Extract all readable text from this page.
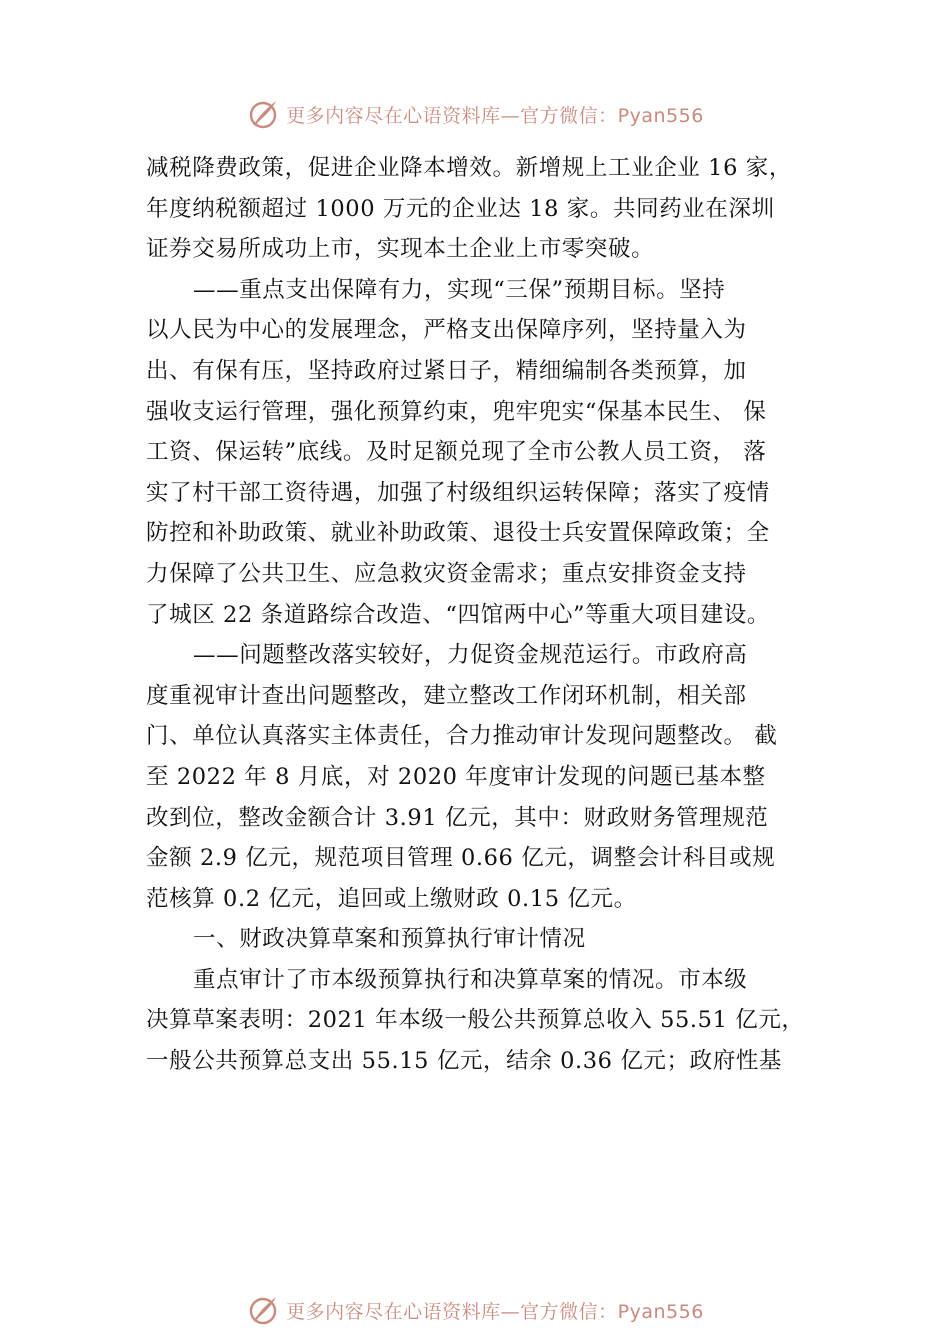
更多内容尽在心语资料库—官方微信：Pyan556
减税降费政策，促进企业降本增效。新增规上工业企业 16 家，
年度纳税额超过 1000 万元的企业达 18 家。共同药业在深圳
证券交易所成功上市，实现本土企业上市零突破。
——重点支出保障有力，实现“三保”预期目标。坚持
以人民为中心的发展理念，严格支出保障序列，坚持量入为
出、有保有压，坚持政府过紧日子，精细编制各类预算，加
强收支运行管理，强化预算约束，兜牢兜实“保基本民生、 保
工资、保运转”底线。及时足额兑现了全市公教人员工资， 落
实了村干部工资待遇，加强了村级组织运转保障；落实了疫情
防控和补助政策、就业补助政策、退役士兵安置保障政策；全
力保障了公共卫生、应急救灾资金需求；重点安排资金支持
了城区 22 条道路综合改造、“四馆两中心”等重大项目建设。
——问题整改落实较好，力促资金规范运行。市政府高
度重视审计查出问题整改，建立整改工作闭环机制，相关部
门、单位认真落实主体责任，合力推动审计发现问题整改。 截
至 2022 年 8 月底，对 2020 年度审计发现的问题已基本整
改到位，整改金额合计 3.91 亿元，其中：财政财务管理规范
金额 2.9 亿元，规范项目管理 0.66 亿元，调整会计科目或规
范核算 0.2 亿元，追回或上缴财政 0.15 亿元。
一、财政决算草案和预算执行审计情况
重点审计了市本级预算执行和决算草案的情况。市本级
决算草案表明：2021 年本级一般公共预算总收入 55.51 亿元，
一般公共预算总支出 55.15 亿元，结余 0.36 亿元；政府性基
更多内容尽在心语资料库—官方微信：Pyan556
